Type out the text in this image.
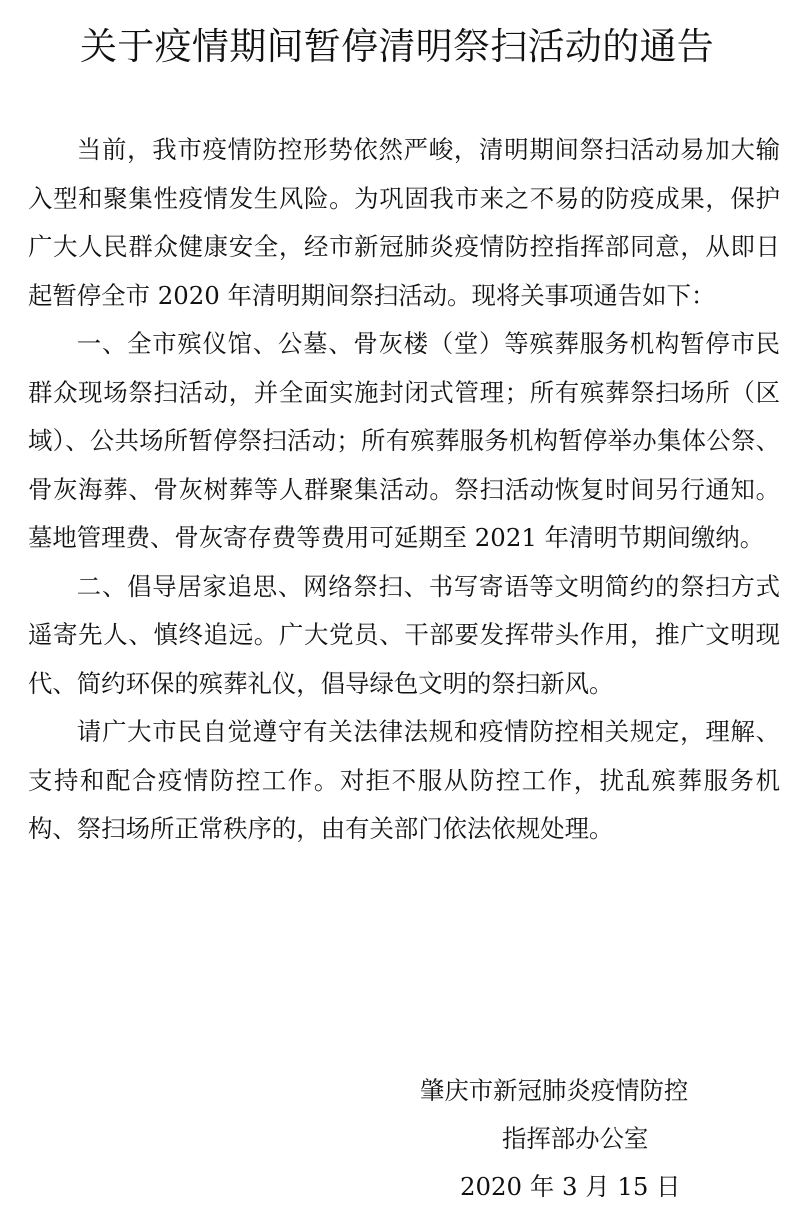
关于疫情期间暂停清明祭扫活动的通告

当前，我市疫情防控形势依然严峻，清明期间祭扫活动易加大输入型和聚集性疫情发生风险。为巩固我市来之不易的防疫成果，保护广大人民群众健康安全，经市新冠肺炎疫情防控指挥部同意，从即日起暂停全市 2020 年清明期间祭扫活动。现将关事项通告如下：

一、全市殡仪馆、公墓、骨灰楼（堂）等殡葬服务机构暂停市民群众现场祭扫活动，并全面实施封闭式管理；所有殡葬祭扫场所（区域）、公共场所暂停祭扫活动；所有殡葬服务机构暂停举办集体公祭、骨灰海葬、骨灰树葬等人群聚集活动。祭扫活动恢复时间另行通知。墓地管理费、骨灰寄存费等费用可延期至 2021 年清明节期间缴纳。

二、倡导居家追思、网络祭扫、书写寄语等文明简约的祭扫方式遥寄先人、慎终追远。广大党员、干部要发挥带头作用，推广文明现代、简约环保的殡葬礼仪，倡导绿色文明的祭扫新风。

请广大市民自觉遵守有关法律法规和疫情防控相关规定，理解、支持和配合疫情防控工作。对拒不服从防控工作，扰乱殡葬服务机构、祭扫场所正常秩序的，由有关部门依法依规处理。

肇庆市新冠肺炎疫情防控
指挥部办公室
2020 年 3 月 15 日
